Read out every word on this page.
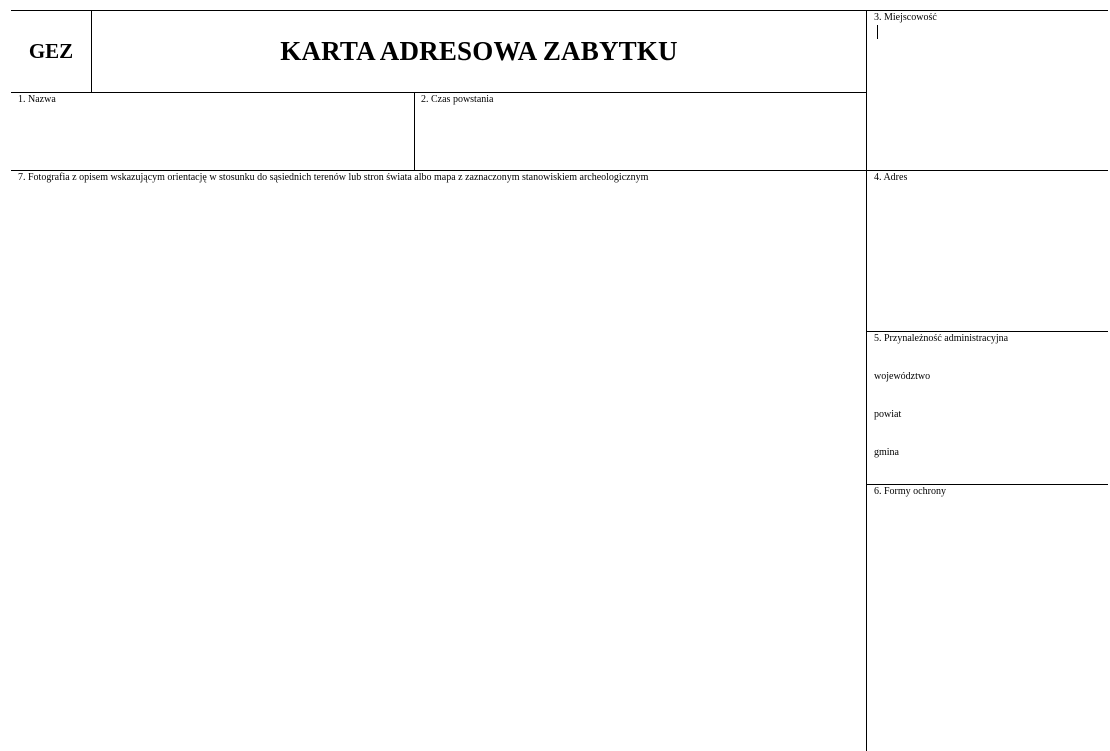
GEZ	KARTA ADRESOWA ZABYTKU
1. Nazwa	2. Czas powstania
3. Miejscowość
7. Fotografia z opisem wskazującym orientację w stosunku do sąsiednich terenów lub stron świata albo mapa z zaznaczonym stanowiskiem archeologicznym	4. Adres
5. Przynależność administracyjna
województwo
powiat
gmina
6. Formy ochrony
